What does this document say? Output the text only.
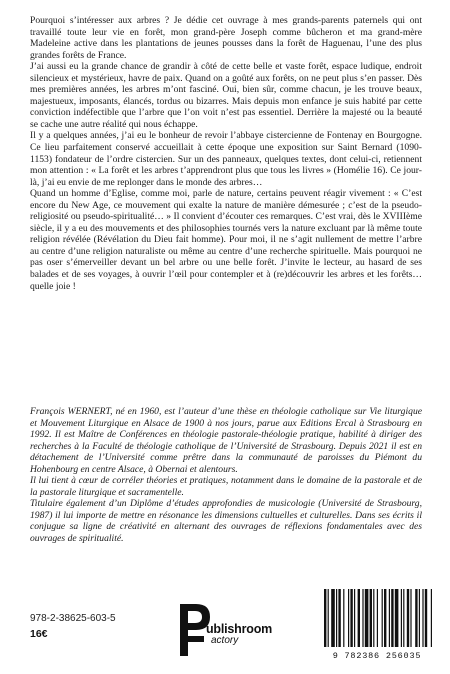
Pourquoi s’intéresser aux arbres ? Je dédie cet ouvrage à mes grands-parents paternels qui ont travaillé toute leur vie en forêt, mon grand-père Joseph comme bûcheron et ma grand-mère Madeleine active dans les plantations de jeunes pousses dans la forêt de Haguenau, l’une des plus grandes forêts de France.

J’ai aussi eu la grande chance de grandir à côté de cette belle et vaste forêt, espace ludique, endroit silencieux et mystérieux, havre de paix. Quand on a goûté aux forêts, on ne peut plus s’en passer. Dès mes premières années, les arbres m’ont fasciné. Oui, bien sûr, comme chacun, je les trouve beaux, majestueux, imposants, élancés, tordus ou bizarres. Mais depuis mon enfance je suis habité par cette conviction indéfectible que l’arbre que l’on voit n’est pas essentiel. Derrière la majesté ou la beauté se cache une autre réalité qui nous échappe.

Il y a quelques années, j’ai eu le bonheur de revoir l’abbaye cistercienne de Fontenay en Bourgogne. Ce lieu parfaitement conservé accueillait à cette époque une exposition sur Saint Bernard (1090-1153) fondateur de l’ordre cistercien. Sur un des panneaux, quelques textes, dont celui-ci, retiennent mon attention : « La forêt et les arbres t’apprendront plus que tous les livres » (Homélie 16). Ce jour-là, j’ai eu envie de me replonger dans le monde des arbres…

Quand un homme d’Eglise, comme moi, parle de nature, certains peuvent réagir vivement : « C’est encore du New Age, ce mouvement qui exalte la nature de manière démesurée ; c’est de la pseudo-religiosité ou pseudo-spiritualité… » Il convient d’écouter ces remarques. C’est vrai, dès le XVIIIème siècle, il y a eu des mouvements et des philosophies tournés vers la nature excluant par là même toute religion révélée (Révélation du Dieu fait homme). Pour moi, il ne s’agit nullement de mettre l’arbre au centre d’une religion naturaliste ou même au centre d’une recherche spirituelle. Mais pourquoi ne pas oser s’émerveiller devant un bel arbre ou une belle forêt. J’invite le lecteur, au hasard de ses balades et de ses voyages, à ouvrir l’œil pour contempler et à (re)découvrir les arbres et les forêts… quelle joie !

François WERNERT, né en 1960, est l’auteur d’une thèse en théologie catholique sur Vie liturgique et Mouvement Liturgique en Alsace de 1900 à nos jours, parue aux Editions Ercal à Strasbourg en 1992. Il est Maître de Conférences en théologie pastorale-théologie pratique, habilité à diriger des recherches à la Faculté de théologie catholique de l’Université de Strasbourg. Depuis 2021 il est en détachement de l’Université comme prêtre dans la communauté de paroisses du Piémont du Hohenbourg en centre Alsace, à Obernai et alentours.

Il lui tient à cœur de corréler théories et pratiques, notamment dans le domaine de la pastorale et de la pastorale liturgique et sacramentelle.

Titulaire également d’un Diplôme d’études approfondies de musicologie (Université de Strasbourg, 1987) il lui importe de mettre en résonance les dimensions cultuelles et culturelles. Dans ses écrits il conjugue sa ligne de créativité en alternant des ouvrages de réflexions fondamentales avec des ouvrages de spiritualité.

978-2-38625-603-5
16€	ublishroom
actory
9 782386 256035
